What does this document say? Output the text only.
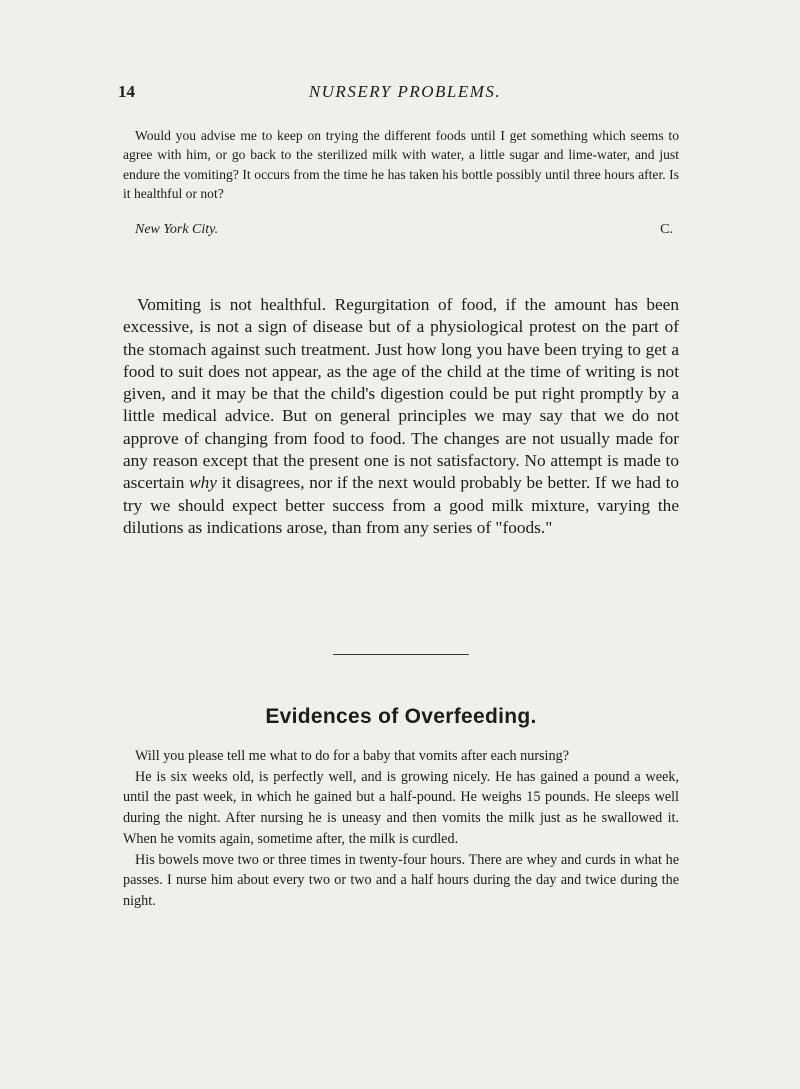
14	NURSERY PROBLEMS.

Would you advise me to keep on trying the different foods until I get something which seems to agree with him, or go back to the sterilized milk with water, a little sugar and lime-water, and just endure the vomiting? It occurs from the time he has taken his bottle possibly until three hours after. Is it healthful or not?

New York City.	C.

Vomiting is not healthful. Regurgitation of food, if the amount has been excessive, is not a sign of disease but of a physiological protest on the part of the stomach against such treatment. Just how long you have been trying to get a food to suit does not appear, as the age of the child at the time of writing is not given, and it may be that the child's digestion could be put right promptly by a little medical advice. But on general principles we may say that we do not approve of changing from food to food. The changes are not usually made for any reason except that the present one is not satisfactory. No attempt is made to ascertain why it disagrees, nor if the next would probably be better. If we had to try we should expect better success from a good milk mixture, varying the dilutions as indications arose, than from any series of "foods."

Evidences of Overfeeding.

Will you please tell me what to do for a baby that vomits after each nursing?

He is six weeks old, is perfectly well, and is growing nicely. He has gained a pound a week, until the past week, in which he gained but a half-pound. He weighs 15 pounds. He sleeps well during the night. After nursing he is uneasy and then vomits the milk just as he swallowed it. When he vomits again, sometime after, the milk is curdled.

His bowels move two or three times in twenty-four hours. There are whey and curds in what he passes. I nurse him about every two or two and a half hours during the day and twice during the night.
